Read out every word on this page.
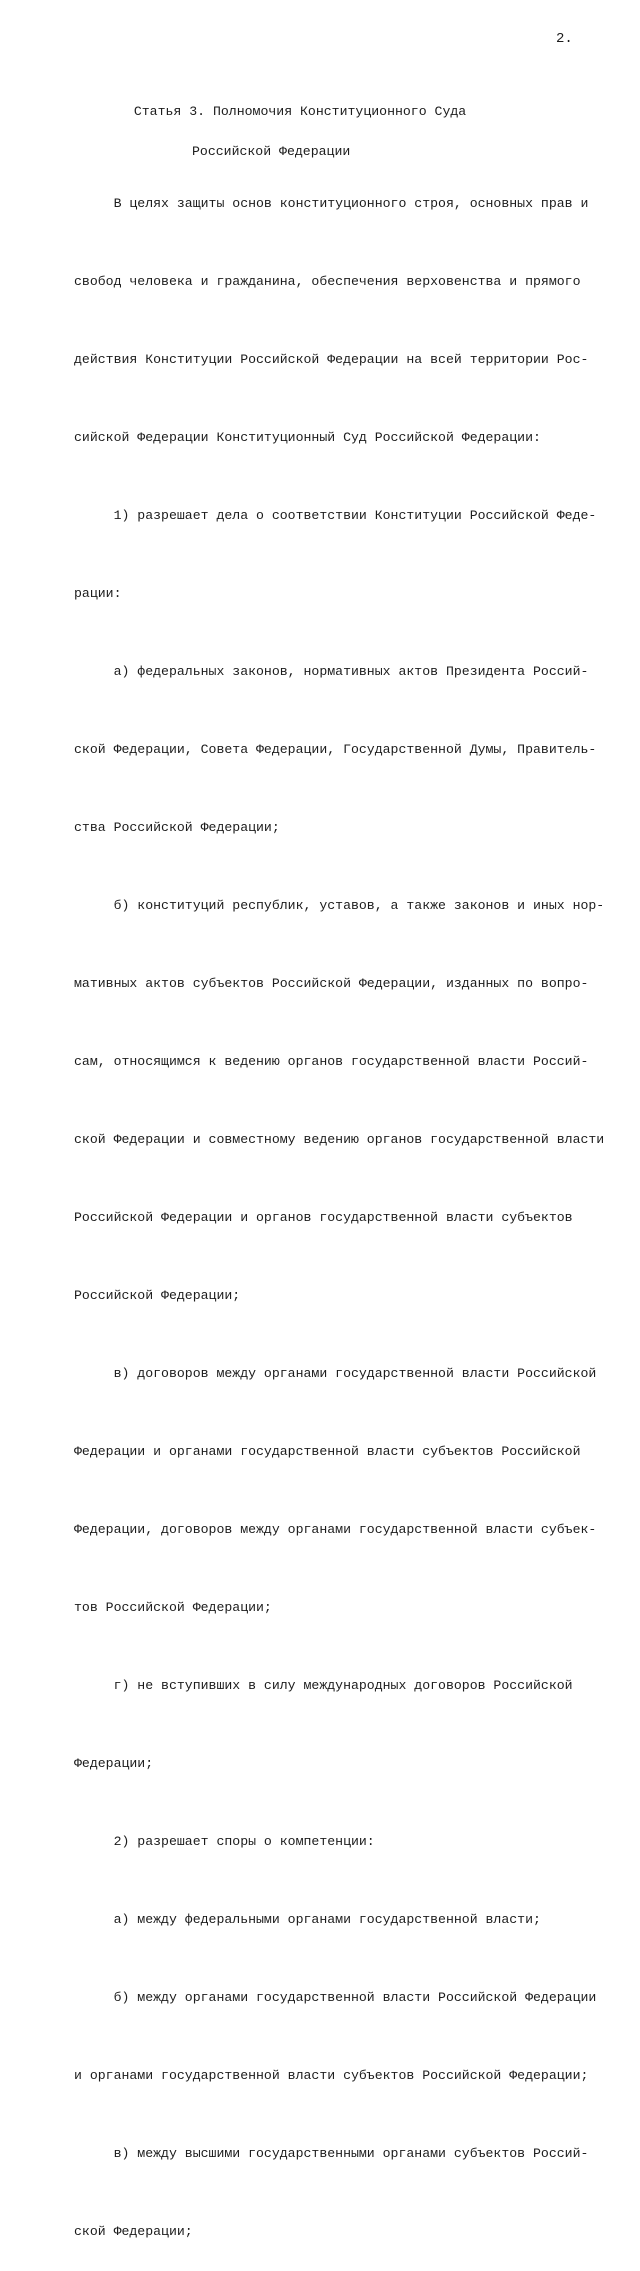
2.

Статья 3. Полномочия Конституционного Суда

Российской Федерации

В целях защиты основ конституционного строя, основных прав и

свобод человека и гражданина, обеспечения верховенства и прямого

действия Конституции Российской Федерации на всей территории Рос-

сийской Федерации Конституционный Суд Российской Федерации:

1) разрешает дела о соответствии Конституции Российской Феде-

рации:

а) федеральных законов, нормативных актов Президента Россий-

ской Федерации, Совета Федерации, Государственной Думы, Правитель-

ства Российской Федерации;

б) конституций республик, уставов, а также законов и иных нор-

мативных актов субъектов Российской Федерации, изданных по вопро-

сам, относящимся к ведению органов государственной власти Россий-

ской Федерации и совместному ведению органов государственной власти

Российской Федерации и органов государственной власти субъектов

Российской Федерации;

в) договоров между органами государственной власти Российской

Федерации и органами государственной власти субъектов Российской

Федерации, договоров между органами государственной власти субъек-

тов Российской Федерации;

г) не вступивших в силу международных договоров Российской

Федерации;

2) разрешает споры о компетенции:

а) между федеральными органами государственной власти;

б) между органами государственной власти Российской Федерации

и органами государственной власти субъектов Российской Федерации;

в) между высшими государственными органами субъектов Россий-

ской Федерации;
